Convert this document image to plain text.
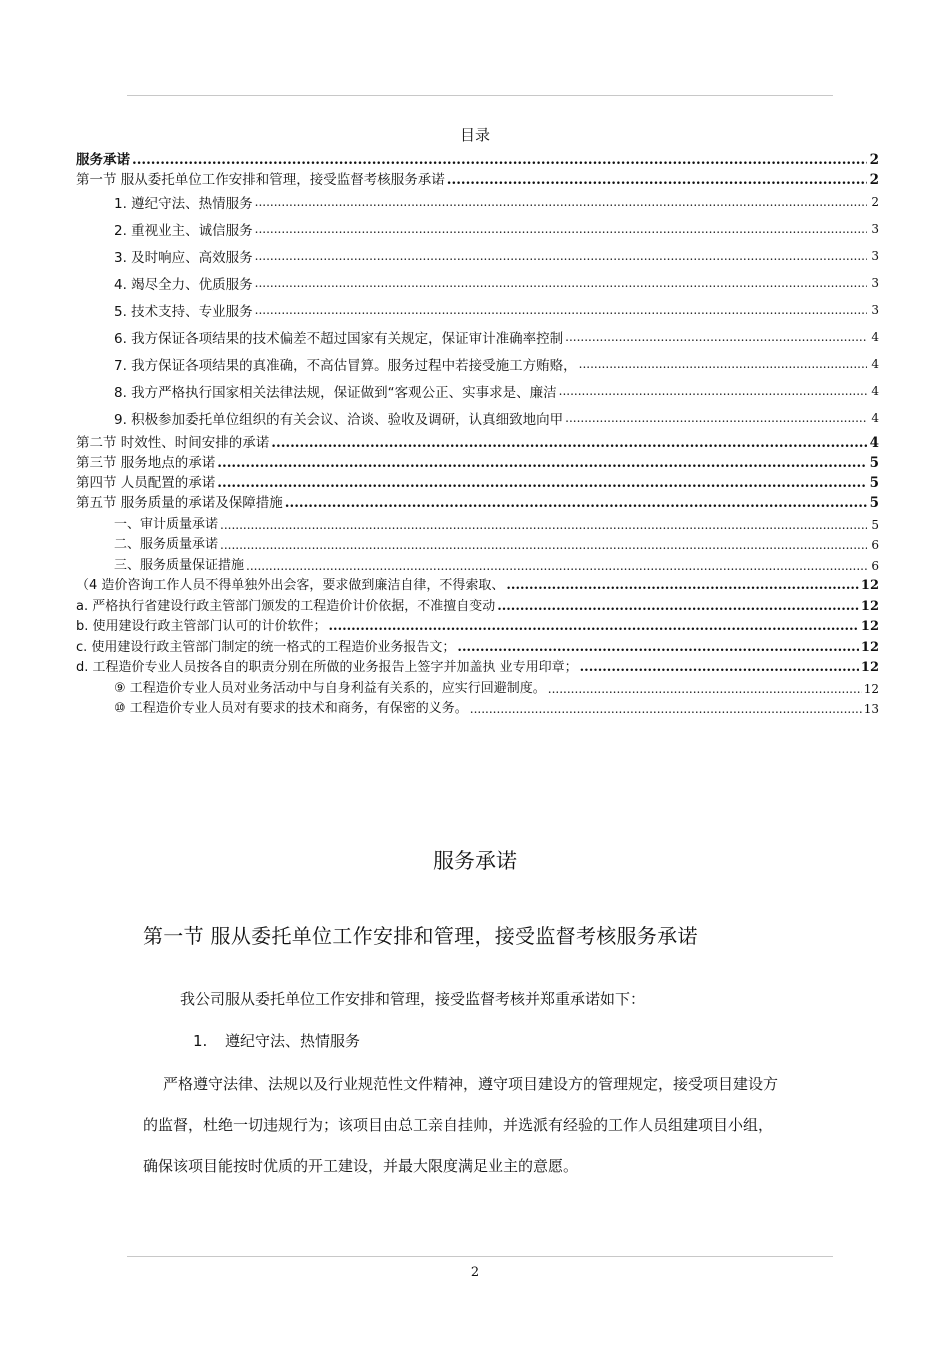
目录
服务承诺 .....	2
第一节 服从委托单位工作安排和管理，接受监督考核服务承诺 .....	2
1. 遵纪守法、热情服务 .....	2
2. 重视业主、诚信服务 .....	3
3. 及时响应、高效服务 .....	3
4. 竭尽全力、优质服务 .....	3
5. 技术支持、专业服务 .....	3
6. 我方保证各项结果的技术偏差不超过国家有关规定，保证审计准确率控制 .....	4
7. 我方保证各项结果的真准确，不高估冒算。服务过程中若接受施工方贿赂， .....	4
8. 我方严格执行国家相关法律法规，保证做到“客观公正、实事求是、廉洁 .....	4
9. 积极参加委托单位组织的有关会议、洽谈、验收及调研，认真细致地向甲 .....	4
第二节 时效性、时间安排的承诺 .....	4
第三节 服务地点的承诺 .....	5
第四节 人员配置的承诺 .....	5
第五节 服务质量的承诺及保障措施 .....	5
一、审计质量承诺 .....	5
二、服务质量承诺 .....	6
三、服务质量保证措施 .....	6
（4 造价咨询工作人员不得单独外出会客，要求做到廉洁自律，不得索取、 .....	12
a. 严格执行省建设行政主管部门颁发的工程造价计价依据，不准擅自变动 .....	12
b. 使用建设行政主管部门认可的计价软件； .....	12
c. 使用建设行政主管部门制定的统一格式的工程造价业务报告文； .....	12
d. 工程造价专业人员按各自的职责分别在所做的业务报告上签字并加盖执 业专用印章； .....	12
⑨ 工程造价专业人员对业务活动中与自身利益有关系的，应实行回避制度。 .....	12
⑩ 工程造价专业人员对有要求的技术和商务，有保密的义务。 .....	13
服务承诺
第一节 服从委托单位工作安排和管理，接受监督考核服务承诺
我公司服从委托单位工作安排和管理，接受监督考核并郑重承诺如下：
1. 遵纪守法、热情服务
严格遵守法律、法规以及行业规范性文件精神，遵守项目建设方的管理规定，接受项目建设方的监督，杜绝一切违规行为；该项目由总工亲自挂帅，并选派有经验的工作人员组建项目小组，确保该项目能按时优质的开工建设，并最大限度满足业主的意愿。
2
